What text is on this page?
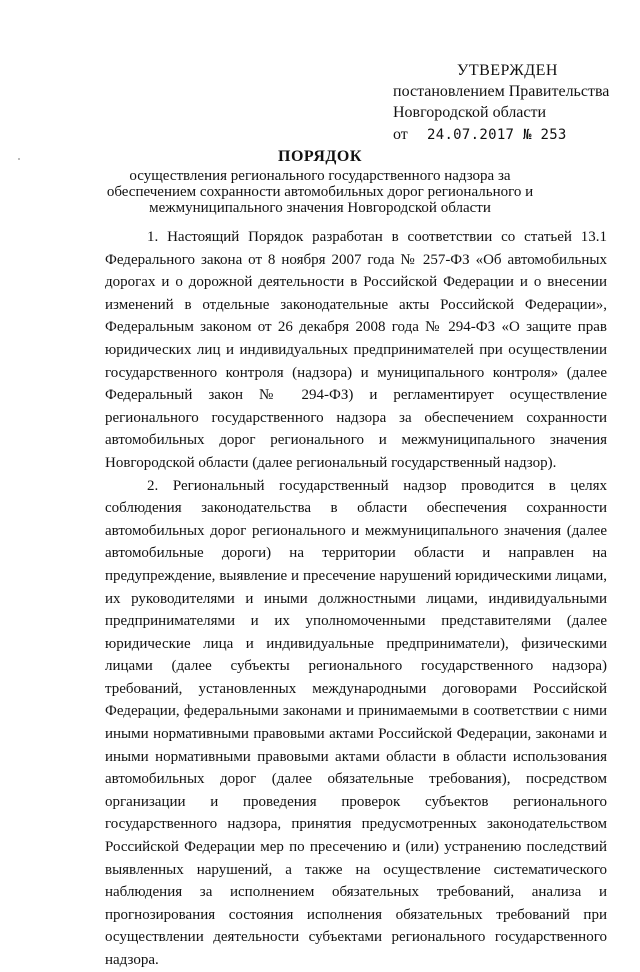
УТВЕРЖДЕН
постановлением Правительства
Новгородской области
от 24.07.2017 № 253
ПОРЯДОК
осуществления регионального государственного надзора за обеспечением сохранности автомобильных дорог регионального и межмуниципального значения Новгородской области

1. Настоящий Порядок разработан в соответствии со статьей 13.1 Федерального закона от 8 ноября 2007 года № 257-ФЗ «Об автомобильных дорогах и о дорожной деятельности в Российской Федерации и о внесении изменений в отдельные законодательные акты Российской Федерации», Федеральным законом от 26 декабря 2008 года № 294-ФЗ «О защите прав юридических лиц и индивидуальных предпринимателей при осуществлении государственного контроля (надзора) и муниципального контроля» (далее Федеральный закон № 294-ФЗ) и регламентирует осуществление регионального государственного надзора за обеспечением сохранности автомобильных дорог регионального и межмуниципального значения Новгородской области (далее региональный государственный надзор).

2. Региональный государственный надзор проводится в целях соблюдения законодательства в области обеспечения сохранности автомобильных дорог регионального и межмуниципального значения (далее автомобильные дороги) на территории области и направлен на предупреждение, выявление и пресечение нарушений юридическими лицами, их руководителями и иными должностными лицами, индивидуальными предпринимателями и их уполномоченными представителями (далее юридические лица и индивидуальные предприниматели), физическими лицами (далее субъекты регионального государственного надзора) требований, установленных международными договорами Российской Федерации, федеральными законами и принимаемыми в соответствии с ними иными нормативными правовыми актами Российской Федерации, законами и иными нормативными правовыми актами области в области использования автомобильных дорог (далее обязательные требования), посредством организации и проведения проверок субъектов регионального государственного надзора, принятия предусмотренных законодательством Российской Федерации мер по пресечению и (или) устранению последствий выявленных нарушений, а также на осуществление систематического наблюдения за исполнением обязательных требований, анализа и прогнозирования состояния исполнения обязательных требований при осуществлении деятельности субъектами регионального государственного надзора.
